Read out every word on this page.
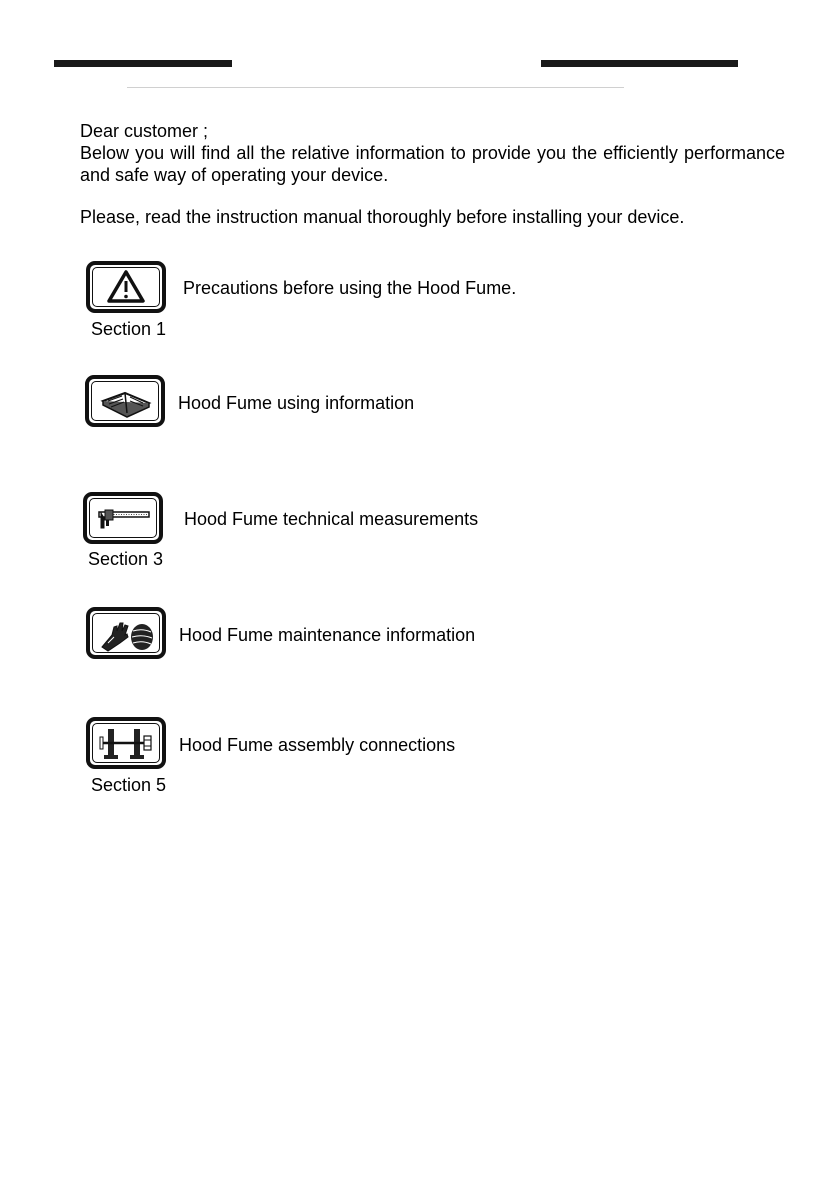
Dear customer ;
Below you will find all the relative information to provide you the efficiently performance and safe way of operating your device.
Please, read the instruction manual thoroughly before installing your device.
Precautions before using the Hood Fume.
Section 1
Hood Fume using information
Hood Fume technical measurements
Section 3
Hood Fume maintenance information
Hood Fume assembly connections
Section 5
